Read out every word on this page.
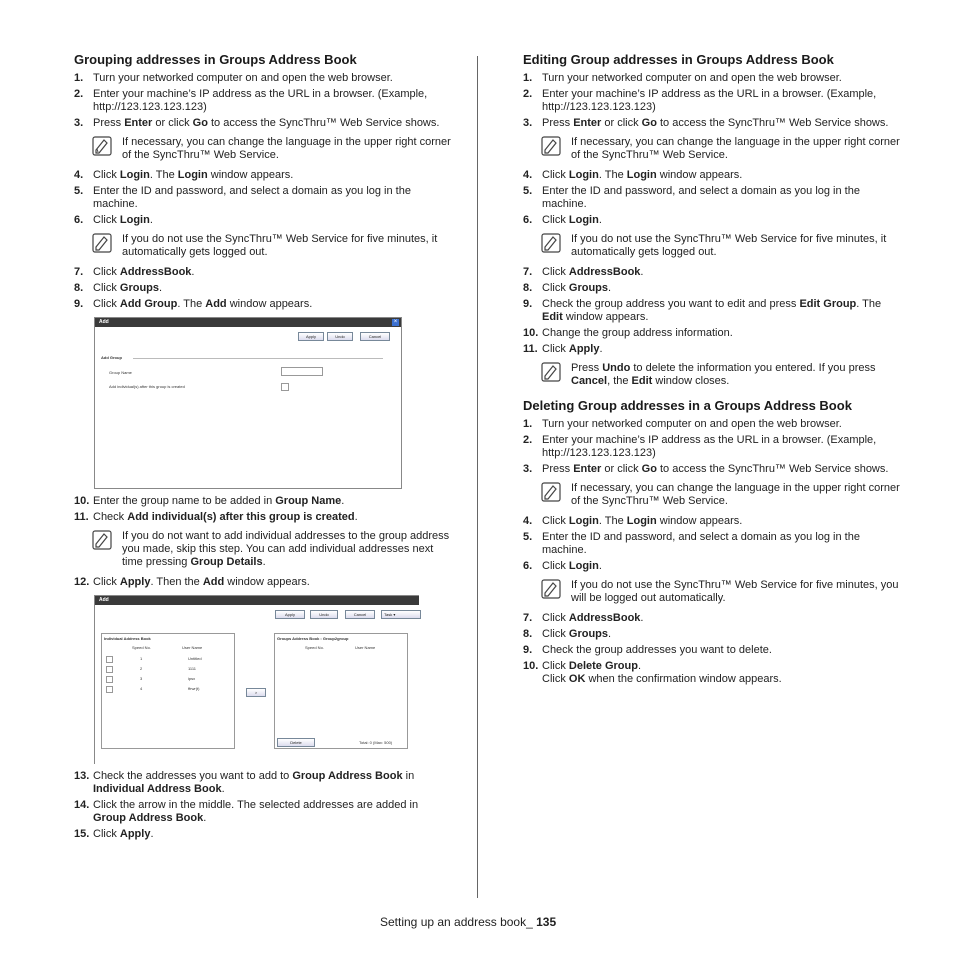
Grouping addresses in Groups Address Book
1. Turn your networked computer on and open the web browser.
2. Enter your machine’s IP address as the URL in a browser. (Example, http://123.123.123.123)
3. Press Enter or click Go to access the SyncThru™ Web Service shows.
If necessary, you can change the language in the upper right corner of the SyncThru™ Web Service.
4. Click Login. The Login window appears.
5. Enter the ID and password, and select a domain as you log in the machine.
6. Click Login.
If you do not use the SyncThru™ Web Service for five minutes, it automatically gets logged out.
7. Click AddressBook.
8. Click Groups.
9. Click Add Group. The Add window appears.
Add	×
Apply	Undo	Cancel
Add Group
Group Name
Add individual(s) after this group is created
10. Enter the group name to be added in Group Name.
11. Check Add individual(s) after this group is created.
If you do not want to add individual addresses to the group address you made, skip this step. You can add individual addresses next time pressing Group Details.
12. Click Apply. Then the Add window appears.
Add
Apply	Undo	Cancel	Task ▾
Individual Address Book
Speed No.	User Name
1	Untitled
2	1111
3	ipsx
4	ffrwr(t)
>
Groups Address Book : Group2group
Speed No.	User Name
Delete	Total: 0 (Max: 500)
13. Check the addresses you want to add to Group Address Book in Individual Address Book.
14. Click the arrow in the middle. The selected addresses are added in Group Address Book.
15. Click Apply.
Editing Group addresses in Groups Address Book
1. Turn your networked computer on and open the web browser.
2. Enter your machine’s IP address as the URL in a browser. (Example, http://123.123.123.123)
3. Press Enter or click Go to access the SyncThru™ Web Service shows.
If necessary, you can change the language in the upper right corner of the SyncThru™ Web Service.
4. Click Login. The Login window appears.
5. Enter the ID and password, and select a domain as you log in the machine.
6. Click Login.
If you do not use the SyncThru™ Web Service for five minutes, it automatically gets logged out.
7. Click AddressBook.
8. Click Groups.
9. Check the group address you want to edit and press Edit Group. The Edit window appears.
10. Change the group address information.
11. Click Apply.
Press Undo to delete the information you entered. If you press Cancel, the Edit window closes.
Deleting Group addresses in a Groups Address Book
1. Turn your networked computer on and open the web browser.
2. Enter your machine’s IP address as the URL in a browser. (Example, http://123.123.123.123)
3. Press Enter or click Go to access the SyncThru™ Web Service shows.
If necessary, you can change the language in the upper right corner of the SyncThru™ Web Service.
4. Click Login. The Login window appears.
5. Enter the ID and password, and select a domain as you log in the machine.
6. Click Login.
If you do not use the SyncThru™ Web Service for five minutes, you will be logged out automatically.
7. Click AddressBook.
8. Click Groups.
9. Check the group addresses you want to delete.
10. Click Delete Group.
Click OK when the confirmation window appears.
Setting up an address book_ 135
